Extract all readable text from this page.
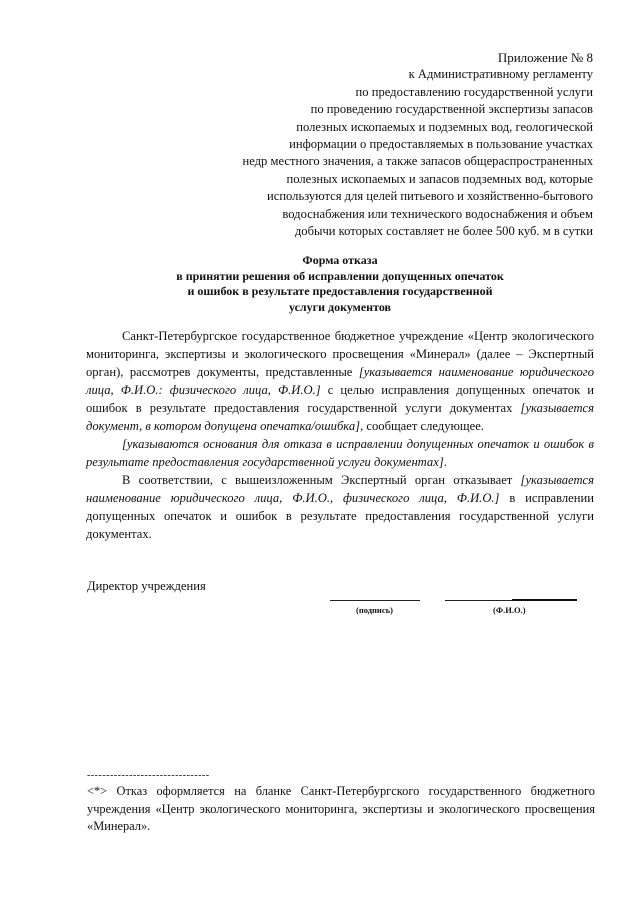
Приложение № 8
к Административному регламенту
по предоставлению государственной услуги
по проведению государственной экспертизы запасов
полезных ископаемых и подземных вод, геологической
информации о предоставляемых в пользование участках
недр местного значения, а также запасов общераспространенных
полезных ископаемых и запасов подземных вод, которые
используются для целей питьевого и хозяйственно-бытового
водоснабжения или технического водоснабжения и объем
добычи которых составляет не более 500 куб. м в сутки
Форма отказа
в принятии решения об исправлении допущенных опечаток
и ошибок в результате предоставления государственной
услуги документов

Санкт-Петербургское государственное бюджетное учреждение «Центр экологического мониторинга, экспертизы и экологического просвещения «Минерал» (далее – Экспертный орган), рассмотрев документы, представленные [указывается наименование юридического лица, Ф.И.О.: физического лица, Ф.И.О.] с целью исправления допущенных опечаток и ошибок в результате предоставления государственной услуги документах [указывается документ, в котором допущена опечатка/ошибка], сообщает следующее.

[указываются основания для отказа в исправлении допущенных опечаток и ошибок в результате предоставления государственной услуги документах].

В соответствии, с вышеизложенным Экспертный орган отказывает [указывается наименование юридического лица, Ф.И.О., физического лица, Ф.И.О.] в исправлении допущенных опечаток и ошибок в результате предоставления государственной услуги документах.

Директор учреждения
(подпись)	(Ф.И.О.)
--------------------------------
<*> Отказ оформляется на бланке Санкт-Петербургского государственного бюджетного учреждения «Центр экологического мониторинга, экспертизы и экологического просвещения «Минерал».
